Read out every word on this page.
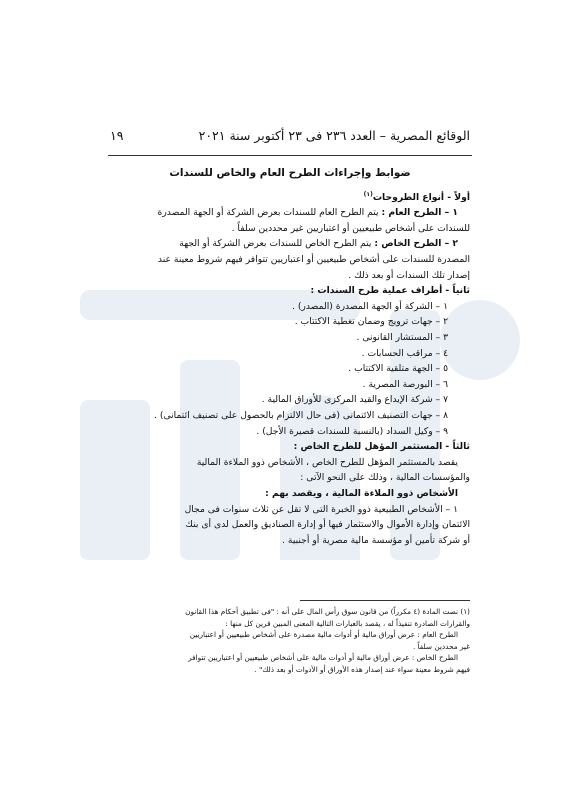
الوقائع المصرية – العدد ٢٣٦ فى ٢٣ أكتوبر سنة ٢٠٢١
١٩
ضوابط وإجراءات الطرح العام والخاص للسندات
أولاً - أنواع الطروحات$^{(١)}$
١ – الطرح العام : يتم الطرح العام للسندات بعرض الشركة أو الجهة المصدرة
للسندات على أشخاص طبيعيين أو اعتباريين غير محددين سلفاً .
٢ – الطرح الخاص : يتم الطرح الخاص للسندات بعرض الشركة أو الجهة
المصدرة للسندات على أشخاص طبيعيين أو اعتباريين تتوافر فيهم شروط معينة عند
إصدار تلك السندات أو بعد ذلك .
ثانياً - أطراف عملية طرح السندات :
١ – الشركة أو الجهة المصدرة (المصدر) .
٢ – جهات ترويج وضمان تغطية الاكتتاب .
٣ – المستشار القانونى .
٤ – مراقب الحسابات .
٥ – الجهة متلقية الاكتتاب .
٦ – البورصة المصرية .
٧ – شركة الإيداع والقيد المركزى للأوراق المالية .
٨ – جهات التصنيف الائتمانى (فى حال الالتزام بالحصول على تصنيف ائتمانى) .
٩ – وكيل السداد (بالنسبة للسندات قصيرة الأجل) .
ثالثاً - المستثمر المؤهل للطرح الخاص :
يقصد بالمستثمر المؤهل للطرح الخاص ، الأشخاص ذوو الملاءة المالية
والمؤسسات المالية ، وذلك على النحو الآتى :
الأشخاص ذوو الملاءة المالية ، ويقصد بهم :
١ – الأشخاص الطبيعية ذوو الخبرة التى لا تقل عن ثلاث سنوات فى مجال
الائتمان وإدارة الأموال والاستثمار فيها أو إدارة الصناديق والعمل لدى أى بنك
أو شركة تأمين أو مؤسسة مالية مصرية أو أجنبية .
(١) نصت المادة (٤ مكرراً) من قانون سوق رأس المال على أنه : "فى تطبيق أحكام هذا القانون
والقرارات الصادرة تنفيذاً له ، يقصد بالعبارات التالية المعنى المبين قرين كل منها :
الطرح العام : عرض أوراق مالية أو أدوات مالية مصدرة على أشخاص طبيعيين أو اعتباريين
غير محددين سلفاً .
الطرح الخاص : عرض أوراق مالية أو أدوات مالية على أشخاص طبيعيين أو اعتباريين تتوافر
فيهم شروط معينة سواء عند إصدار هذه الأوراق أو الأدوات أو بعد ذلك" .
